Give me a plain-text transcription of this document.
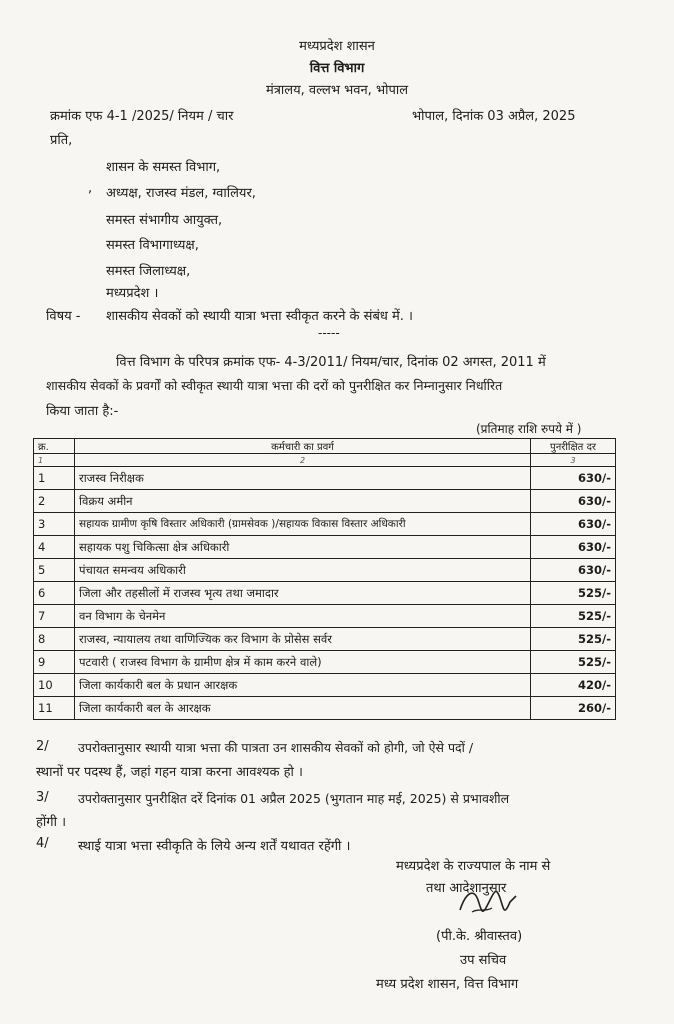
मध्यप्रदेश शासन
वित्त विभाग
मंत्रालय, वल्लभ भवन, भोपाल
क्रमांक एफ 4-1 /2025/ नियम / चार	भोपाल, दिनांक 03 अप्रैल, 2025
प्रति,
शासन के समस्त विभाग,
, अध्यक्ष, राजस्व मंडल, ग्वालियर,
समस्त संभागीय आयुक्त,
समस्त विभागाध्यक्ष,
समस्त जिलाध्यक्ष,
मध्यप्रदेश ।
विषय - शासकीय सेवकों को स्थायी यात्रा भत्ता स्वीकृत करने के संबंध में. ।
-----
वित्त विभाग के परिपत्र क्रमांक एफ- 4-3/2011/ नियम/चार, दिनांक 02 अगस्त, 2011 में
शासकीय सेवकों के प्रवर्गों को स्वीकृत स्थायी यात्रा भत्ता की दरों को पुनरीक्षित कर निम्नानुसार निर्धारित
किया जाता है:-
(प्रतिमाह राशि रुपये में )
क्र.	कर्मचारी का प्रवर्ग	पुनरीक्षित दर
1	2	3
1	राजस्व निरीक्षक	630/-
2	विक्रय अमीन	630/-
3	सहायक ग्रामीण कृषि विस्तार अधिकारी (ग्रामसेवक )/सहायक विकास विस्तार अधिकारी	630/-
4	सहायक पशु चिकित्सा क्षेत्र अधिकारी	630/-
5	पंचायत समन्वय अधिकारी	630/-
6	जिला और तहसीलों में राजस्व भृत्य तथा जमादार	525/-
7	वन विभाग के चेनमेन	525/-
8	राजस्व, न्यायालय तथा वाणिज्यिक कर विभाग के प्रोसेस सर्वर	525/-
9	पटवारी ( राजस्व विभाग के ग्रामीण क्षेत्र में काम करने वाले)	525/-
10	जिला कार्यकारी बल के प्रधान आरक्षक	420/-
11	जिला कार्यकारी बल के आरक्षक	260/-
2/ उपरोक्तानुसार स्थायी यात्रा भत्ता की पात्रता उन शासकीय सेवकों को होगी, जो ऐसे पदों /
स्थानों पर पदस्थ हैं, जहां गहन यात्रा करना आवश्यक हो ।
3/ उपरोक्तानुसार पुनरीक्षित दरें दिनांक 01 अप्रैल 2025 (भुगतान माह मई, 2025) से प्रभावशील
होंगी ।
4/ स्थाई यात्रा भत्ता स्वीकृति के लिये अन्य शर्तें यथावत रहेंगी ।
मध्यप्रदेश के राज्यपाल के नाम से
तथा आदेशानुसार
(पी.के. श्रीवास्तव)
उप सचिव
मध्य प्रदेश शासन, वित्त विभाग
